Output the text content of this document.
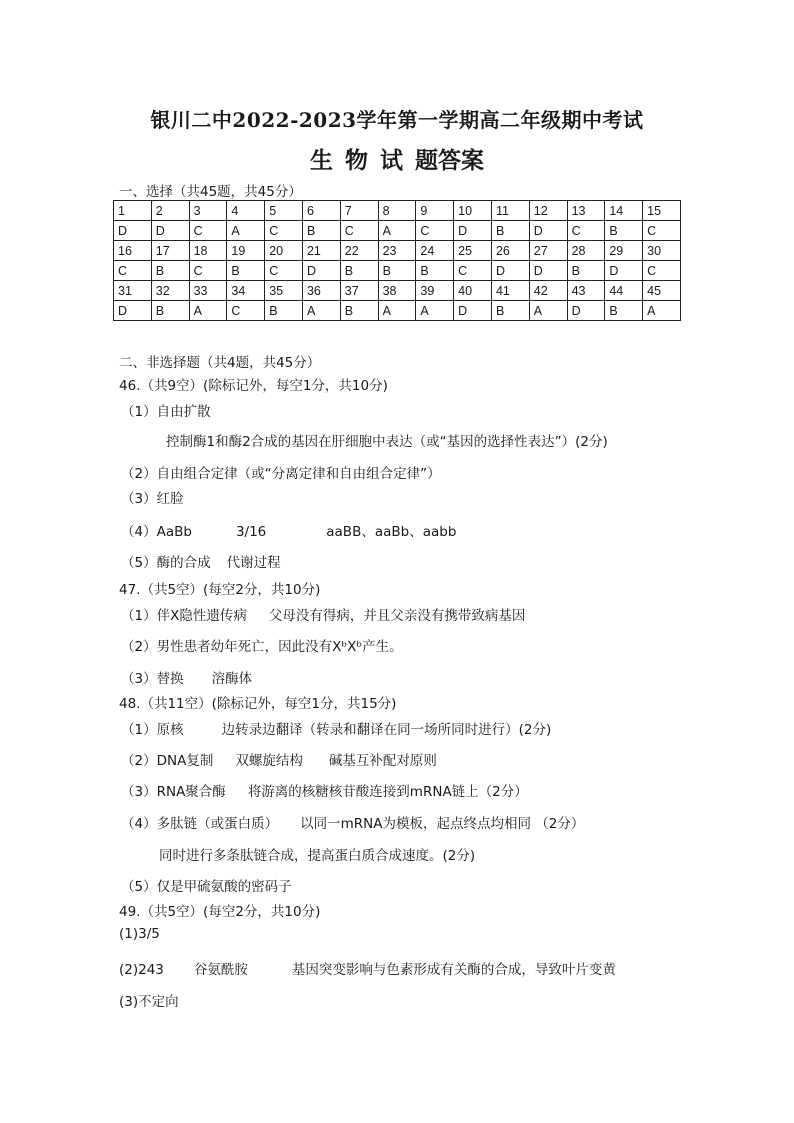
银川二中2022-2023学年第一学期高二年级期中考试
生 物 试 题答案
一、选择（共45题，共45分）
1	2	3	4	5	6	7	8	9	10	11	12	13	14	15
D	D	C	A	C	B	C	A	C	D	B	D	C	B	C
16	17	18	19	20	21	22	23	24	25	26	27	28	29	30
C	B	C	B	C	D	B	B	B	C	D	D	B	D	C
31	32	33	34	35	36	37	38	39	40	41	42	43	44	45
D	B	A	C	B	A	B	A	A	D	B	A	D	B	A
二、非选择题（共4题，共45分）
46.（共9空）(除标记外，每空1分，共10分)
（1）自由扩散
控制酶1和酶2合成的基因在肝细胞中表达（或“基因的选择性表达”）(2分)
（2）自由组合定律（或“分离定律和自由组合定律”）
（3）红脸
（4）AaBb	3/16	aaBB、aaBb、aabb
（5）酶的合成 代谢过程
47.（共5空）(每空2分，共10分)
（1）伴X隐性遗传病 父母没有得病，并且父亲没有携带致病基因
（2）男性患者幼年死亡，因此没有XᵇXᵇ产生。
（3）替换 溶酶体
48.（共11空）(除标记外，每空1分，共15分)
（1）原核	边转录边翻译（转录和翻译在同一场所同时进行）(2分)
（2）DNA复制 双螺旋结构 碱基互补配对原则
（3）RNA聚合酶 将游离的核糖核苷酸连接到mRNA链上（2分）
（4）多肽链（或蛋白质） 以同一mRNA为模板，起点终点均相同 （2分）
同时进行多条肽链合成，提高蛋白质合成速度。(2分)
（5）仅是甲硫氨酸的密码子
49.（共5空）(每空2分，共10分)
(1)3/5
(2)243 谷氨酰胺	基因突变影响与色素形成有关酶的合成，导致叶片变黄
(3)不定向
